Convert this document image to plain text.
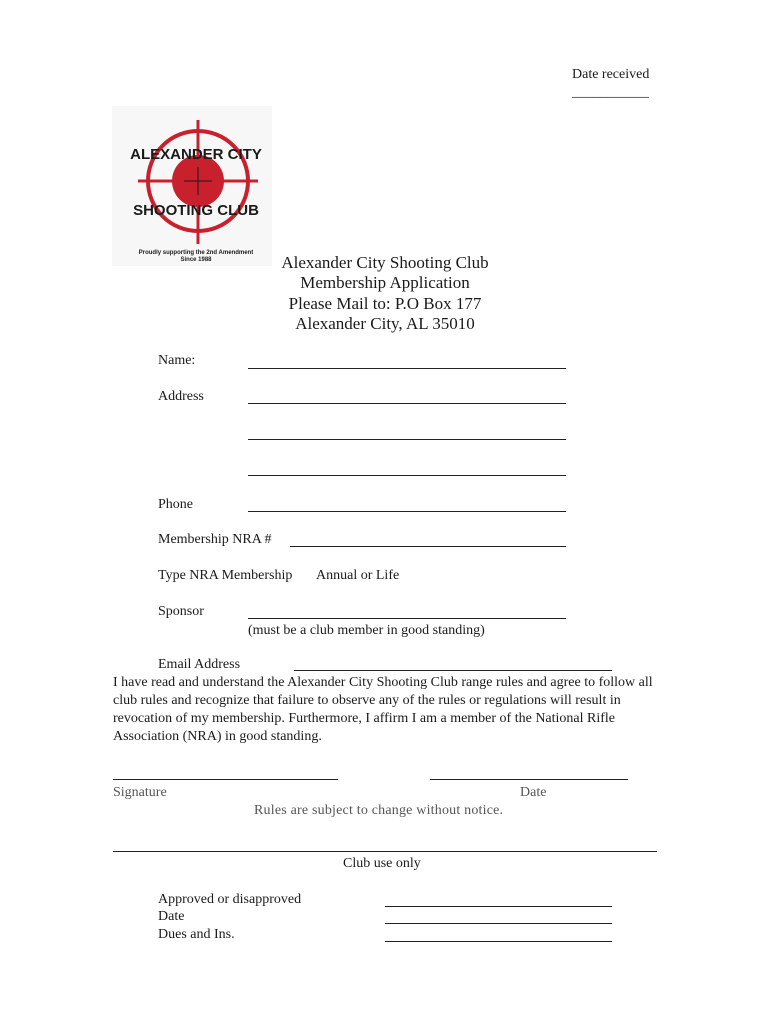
Date received
___________
ALEXANDER CITY
SHOOTING CLUB
Proudly supporting the 2nd Amendment
Since 1988	Alexander City Shooting Club
Membership Application
Please Mail to: P.O Box 177
Alexander City, AL 35010
Name:
Address
Phone
Membership NRA #
Type NRA Membership Annual or Life
Sponsor
(must be a club member in good standing)
Email Address
I have read and understand the Alexander City Shooting Club range rules and agree to follow all club rules and recognize that failure to observe any of the rules or regulations will result in revocation of my membership. Furthermore, I affirm I am a member of the National Rifle Association (NRA) in good standing.
Signature	Date
Rules are subject to change without notice.
Club use only
Approved or disapproved
Date
Dues and Ins.
